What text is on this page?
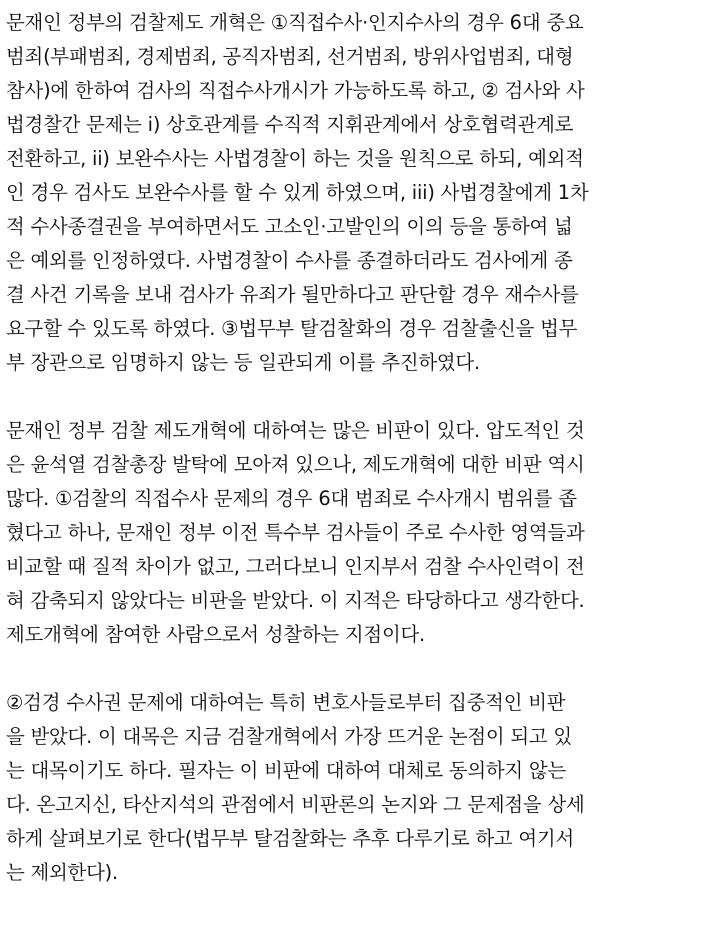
문재인 정부의 검찰제도 개혁은 ①직접수사·인지수사의 경우 6대 중요
범죄(부패범죄, 경제범죄, 공직자범죄, 선거범죄, 방위사업범죄, 대형
참사)에 한하여 검사의 직접수사개시가 가능하도록 하고, ② 검사와 사
법경찰간 문제는 i) 상호관계를 수직적 지휘관계에서 상호협력관계로
전환하고, ii) 보완수사는 사법경찰이 하는 것을 원칙으로 하되, 예외적
인 경우 검사도 보완수사를 할 수 있게 하였으며, iii) 사법경찰에게 1차
적 수사종결권을 부여하면서도 고소인·고발인의 이의 등을 통하여 넓
은 예외를 인정하였다. 사법경찰이 수사를 종결하더라도 검사에게 종
결 사건 기록을 보내 검사가 유죄가 될만하다고 판단할 경우 재수사를
요구할 수 있도록 하였다. ③법무부 탈검찰화의 경우 검찰출신을 법무
부 장관으로 임명하지 않는 등 일관되게 이를 추진하였다.
문재인 정부 검찰 제도개혁에 대하여는 많은 비판이 있다. 압도적인 것
은 윤석열 검찰총장 발탁에 모아져 있으나, 제도개혁에 대한 비판 역시
많다. ①검찰의 직접수사 문제의 경우 6대 범죄로 수사개시 범위를 좁
혔다고 하나, 문재인 정부 이전 특수부 검사들이 주로 수사한 영역들과
비교할 때 질적 차이가 없고, 그러다보니 인지부서 검찰 수사인력이 전
혀 감축되지 않았다는 비판을 받았다. 이 지적은 타당하다고 생각한다.
제도개혁에 참여한 사람으로서 성찰하는 지점이다.
②검경 수사권 문제에 대하여는 특히 변호사들로부터 집중적인 비판
을 받았다. 이 대목은 지금 검찰개혁에서 가장 뜨거운 논점이 되고 있
는 대목이기도 하다. 필자는 이 비판에 대하여 대체로 동의하지 않는
다. 온고지신, 타산지석의 관점에서 비판론의 논지와 그 문제점을 상세
하게 살펴보기로 한다(법무부 탈검찰화는 추후 다루기로 하고 여기서
는 제외한다).
